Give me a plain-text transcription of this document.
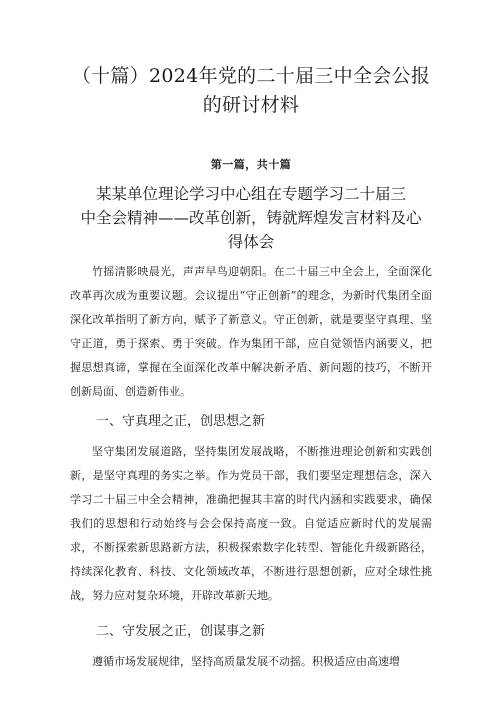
（十篇）2024年党的二十届三中全会公报
的研讨材料
第一篇，共十篇
某某单位理论学习中心组在专题学习二十届三
中全会精神——改革创新，铸就辉煌发言材料及心
得体会

竹摇清影映晨光，声声早鸟迎朝阳。在二十届三中全会上，全面深化改革再次成为重要议题。会议提出“守正创新”的理念，为新时代集团全面深化改革指明了新方向，赋予了新意义。守正创新，就是要坚守真理、坚守正道，勇于探索、勇于突破。作为集团干部，应自觉领悟内涵要义，把握思想真谛，掌握在全面深化改革中解决新矛盾、新问题的技巧，不断开创新局面、创造新伟业。

一、守真理之正，创思想之新

坚守集团发展道路，坚持集团发展战略，不断推进理论创新和实践创新，是坚守真理的务实之举。作为党员干部，我们要坚定理想信念，深入学习二十届三中全会精神，准确把握其丰富的时代内涵和实践要求，确保我们的思想和行动始终与会会保持高度一致。自觉适应新时代的发展需求，不断探索新思路新方法，积极探索数字化转型、智能化升级新路径，持续深化教育、科技、文化领域改革，不断进行思想创新，应对全球性挑战，努力应对复杂环境，开辟改革新天地。

二、守发展之正，创谋事之新

遵循市场发展规律，坚持高质量发展不动摇。积极适应由高速增
